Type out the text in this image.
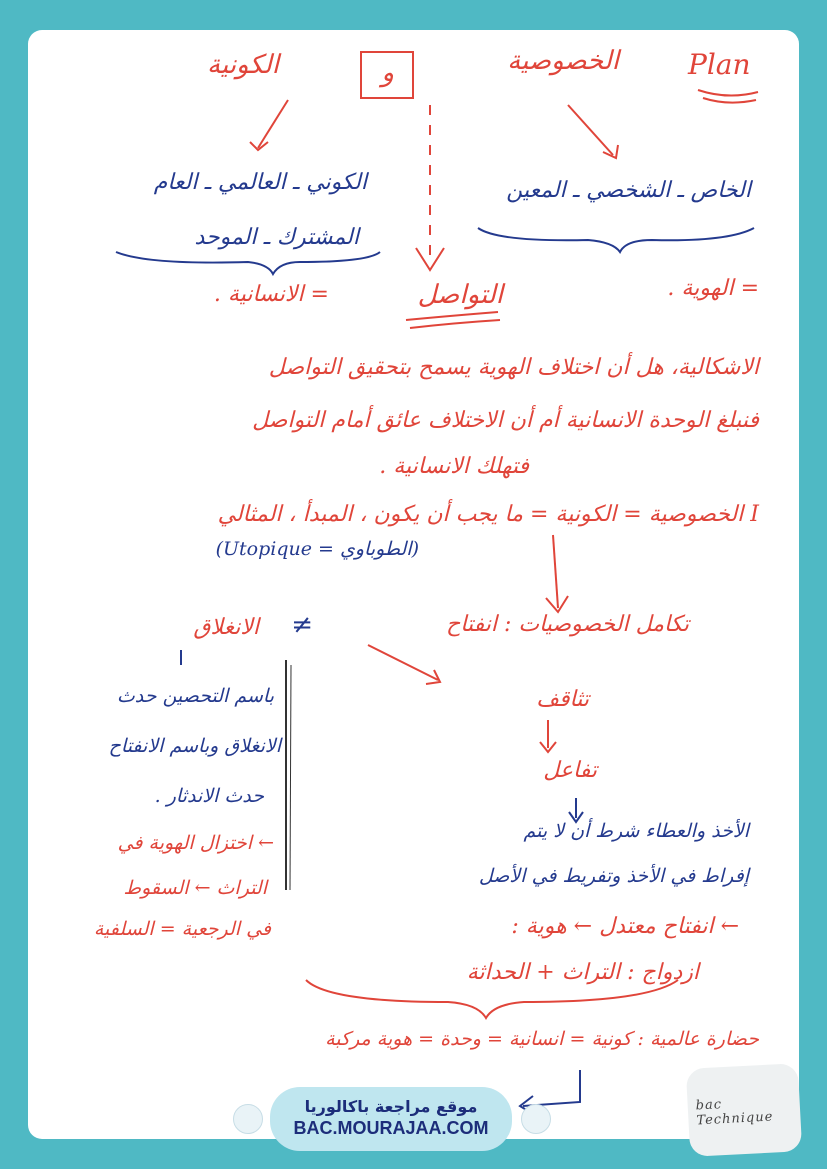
Plan
الكونية	و	الخصوصية
الكوني ـ العالمي ـ العام
المشترك ـ الموحد
الخاص ـ الشخصي ـ المعين
= الانسانية .	التواصل	= الهوية .
الاشكالية، هل أن اختلاف الهوية يسمح بتحقيق التواصل
فنبلغ الوحدة الانسانية أم أن الاختلاف عائق أمام التواصل
فتهلك الانسانية .
I الخصوصية = الكونية = ما يجب أن يكون ، المبدأ ، المثالي
(الطوباوي = Utopique)
تكامل الخصوصيات : انفتاح
≠
الانغلاق
تثاقف
تفاعل
الأخذ والعطاء شرط أن لا يتم
إفراط في الأخذ وتفريط في الأصل
← انفتاح معتدل ← هوية :
ازدواج : التراث + الحداثة
حضارة عالمية : كونية = انسانية = وحدة = هوية مركبة
باسم التحصين حدث
الانغلاق وباسم الانفتاح
حدث الاندثار .
← اختزال الهوية في
التراث ← السقوط
في الرجعية = السلفية
موقع مراجعة باكالوريا
BAC.MOURAJAA.COM
bac Technique
